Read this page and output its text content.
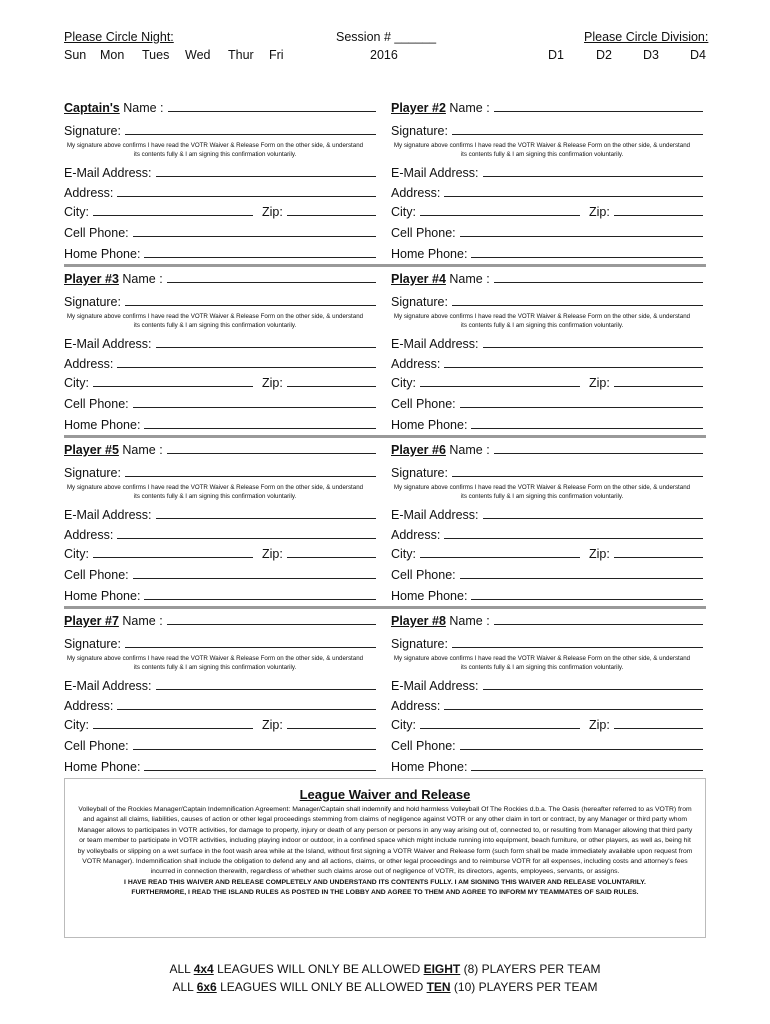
Please Circle Night:
Sun Mon Tues Wed Thur Fri
Session # ______
2016
Please Circle Division:
D1	D2 D3 D4
Captain's Name :
Signature:
My signature above confirms I have read the VOTR Waiver & Release Form on the other side, & understand its contents fully & I am signing this confirmation voluntarily.
E-Mail Address:
Address:
City:	Zip:
Cell Phone:
Home Phone:
Player #2 Name :
Signature:
My signature above confirms I have read the VOTR Waiver & Release Form on the other side, & understand its contents fully & I am signing this confirmation voluntarily.
E-Mail Address:
Address:
City:	Zip:
Cell Phone:
Home Phone:
Player #3 Name :
Signature:
My signature above confirms I have read the VOTR Waiver & Release Form on the other side, & understand its contents fully & I am signing this confirmation voluntarily.
E-Mail Address:
Address:
City:	Zip:
Cell Phone:
Home Phone:
Player #4 Name :
Signature:
My signature above confirms I have read the VOTR Waiver & Release Form on the other side, & understand its contents fully & I am signing this confirmation voluntarily.
E-Mail Address:
Address:
City:	Zip:
Cell Phone:
Home Phone:
Player #5 Name :
Signature:
My signature above confirms I have read the VOTR Waiver & Release Form on the other side, & understand its contents fully & I am signing this confirmation voluntarily.
E-Mail Address:
Address:
City:	Zip:
Cell Phone:
Home Phone:
Player #6 Name :
Signature:
My signature above confirms I have read the VOTR Waiver & Release Form on the other side, & understand its contents fully & I am signing this confirmation voluntarily.
E-Mail Address:
Address:
City:	Zip:
Cell Phone:
Home Phone:
Player #7 Name :
Signature:
My signature above confirms I have read the VOTR Waiver & Release Form on the other side, & understand its contents fully & I am signing this confirmation voluntarily.
E-Mail Address:
Address:
City:	Zip:
Cell Phone:
Home Phone:
Player #8 Name :
Signature:
My signature above confirms I have read the VOTR Waiver & Release Form on the other side, & understand its contents fully & I am signing this confirmation voluntarily.
E-Mail Address:
Address:
City:	Zip:
Cell Phone:
Home Phone:
League Waiver and Release
Volleyball of the Rockies Manager/Captain Indemnification Agreement: Manager/Captain shall indemnify and hold harmless Volleyball Of The Rockies d.b.a. The Oasis (hereafter referred to as VOTR) from and against all claims, liabilities, causes of action or other legal proceedings stemming from claims of negligence against VOTR or any other claim in tort or contract, by any Manager or third party whom Manager allows to participates in VOTR activities, for damage to property, injury or death of any person or persons in any way arising out of, connected to, or resulting from Manager allowing that third party or team member to participate in VOTR activities, including playing indoor or outdoor, in a confined space which might include running into equipment, beach furniture, or other players, as well as, being hit by volleyballs or slipping on a wet surface in the foot wash area while at the Island, without first signing a VOTR Waiver and Release form (such form shall be made immediately available upon request from VOTR Manager). Indemnification shall include the obligation to defend any and all actions, claims, or other legal proceedings and to reimburse VOTR for all expenses, including costs and attorney's fees incurred in connection therewith, regardless of whether such claims arose out of negligence of VOTR, its directors, agents, employees, servants, or assigns.
I HAVE READ THIS WAIVER AND RELEASE COMPLETELY AND UNDERSTAND ITS CONTENTS FULLY. I AM SIGNING THIS WAIVER AND RELEASE VOLUNTARILY.
FURTHERMORE, I READ THE ISLAND RULES AS POSTED IN THE LOBBY AND AGREE TO THEM AND AGREE TO INFORM MY TEAMMATES OF SAID RULES.
ALL 4x4 LEAGUES WILL ONLY BE ALLOWED EIGHT (8) PLAYERS PER TEAM
ALL 6x6 LEAGUES WILL ONLY BE ALLOWED TEN (10) PLAYERS PER TEAM
